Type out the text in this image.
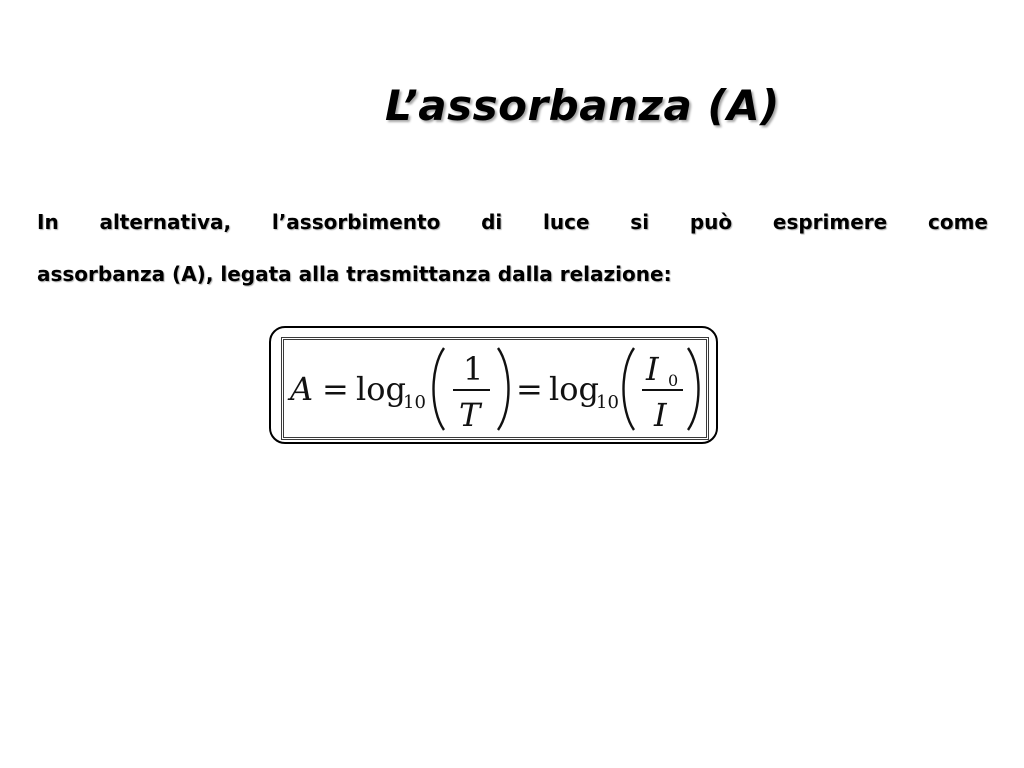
L’assorbanza (A)
In alternativa, l’assorbimento di luce si può esprimere come
assorbanza (A), legata alla trasmittanza dalla relazione:
A = log
10
1
T
= log
10
I 0
I
